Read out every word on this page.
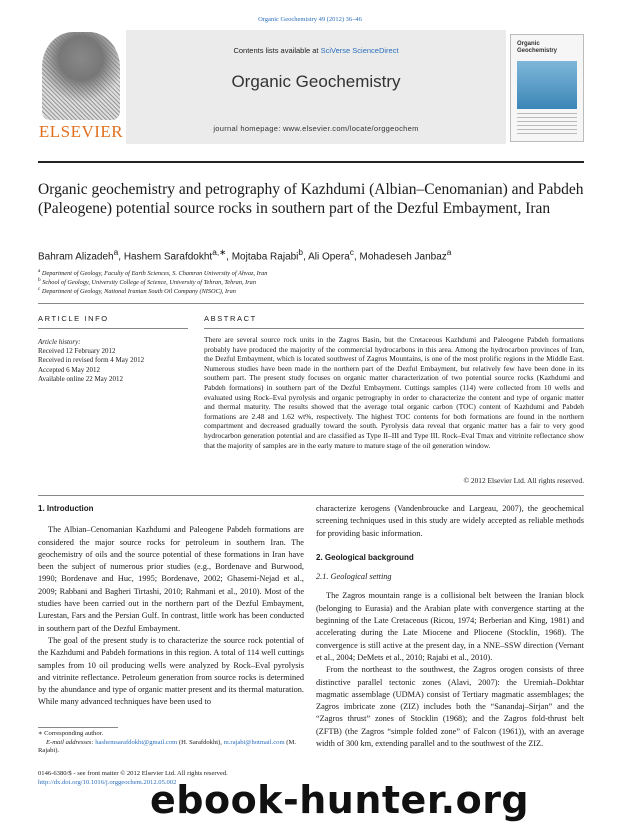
Organic Geochemistry 49 (2012) 36–46
ELSEVIER
Contents lists available at SciVerse ScienceDirect
Organic Geochemistry
journal homepage: www.elsevier.com/locate/orggeochem
Organic Geochemistry
Organic geochemistry and petrography of Kazhdumi (Albian–Cenomanian) and Pabdeh (Paleogene) potential source rocks in southern part of the Dezful Embayment, Iran
Bahram Alizadeh$^a$, Hashem Sarafdokht$^{a,∗}$, Mojtaba Rajabi$^b$, Ali Opera$^c$, Mohadeseh Janbaz$^a$
$^a$ Department of Geology, Faculty of Earth Sciences, S. Chamran University of Ahvaz, Iran
$^b$ School of Geology, University College of Science, University of Tehran, Tehran, Iran
$^c$ Department of Geology, National Iranian South Oil Company (NISOC), Iran
ARTICLE INFO	ABSTRACT
Article history:
Received 12 February 2012
Received in revised form 4 May 2012
Accepted 6 May 2012
Available online 22 May 2012
There are several source rock units in the Zagros Basin, but the Cretaceous Kazhdumi and Paleogene Pabdeh formations probably have produced the majority of the commercial hydrocarbons in this area. Among the hydrocarbon provinces of Iran, the Dezful Embayment, which is located southwest of Zagros Mountains, is one of the most prolific regions in the Middle East. Numerous studies have been made in the northern part of the Dezful Embayment, but relatively few have been done in its southern part. The present study focuses on organic matter characterization of two potential source rocks (Kazhdumi and Pabdeh formations) in southern part of the Dezful Embayment. Cuttings samples (114) were collected from 10 wells and evaluated using Rock–Eval pyrolysis and organic petrography in order to characterize the content and type of organic matter and thermal maturity. The results showed that the average total organic carbon (TOC) content of Kazhdumi and Pabdeh formations are 2.48 and 1.62 wt%, respectively. The highest TOC contents for both formations are found in the northern compartment and decreased gradually toward the south. Pyrolysis data reveal that organic matter has a fair to very good hydrocarbon generation potential and are classified as Type II–III and Type III. Rock–Eval Tmax and vitrinite reflectance show that the majority of samples are in the early mature to mature stage of the oil generation window.
© 2012 Elsevier Ltd. All rights reserved.
1. Introduction

The Albian–Cenomanian Kazhdumi and Paleogene Pabdeh formations are considered the major source rocks for petroleum in southern Iran. The geochemistry of oils and the source potential of these formations in Iran have been the subject of numerous prior studies (e.g., Bordenave and Burwood, 1990; Bordenave and Huc, 1995; Bordenave, 2002; Ghasemi-Nejad et al., 2009; Rabbani and Bagheri Tirtashi, 2010; Rahmani et al., 2010). Most of the studies have been carried out in the northern part of the Dezful Embayment, Lurestan, Fars and the Persian Gulf. In contrast, little work has been conducted in southern part of the Dezful Embayment.

The goal of the present study is to characterize the source rock potential of the Kazhdumi and Pabdeh formations in this region. A total of 114 well cuttings samples from 10 oil producing wells were analyzed by Rock–Eval pyrolysis and vitrinite reflectance. Petroleum generation from source rocks is determined by the abundance and type of organic matter present and its thermal maturation. While many advanced techniques have been used to

characterize kerogens (Vandenbroucke and Largeau, 2007), the geochemical screening techniques used in this study are widely accepted as reliable methods for providing basic information.

2. Geological background
2.1. Geological setting

The Zagros mountain range is a collisional belt between the Iranian block (belonging to Eurasia) and the Arabian plate with convergence starting at the beginning of the Late Cretaceous (Ricou, 1974; Berberian and King, 1981) and accelerating during the Late Miocene and Pliocene (Stocklin, 1968). The convergence is still active at the present day, in a NNE–SSW direction (Vernant et al., 2004; DeMets et al., 2010; Rajabi et al., 2010).

From the northeast to the southwest, the Zagros orogen consists of three distinctive parallel tectonic zones (Alavi, 2007): the Uremiah–Dokhtar magmatic assemblage (UDMA) consist of Tertiary magmatic assemblages; the Zagros imbricate zone (ZIZ) includes both the “Sanandaj–Sirjan” and the “Zagros thrust” zones of Stocklin (1968); and the Zagros fold-thrust belt (ZFTB) (the Zagros “simple folded zone” of Falcon (1961)), with an average width of 300 km, extending parallel and to the southwest of the ZIZ.

∗ Corresponding author.
E-mail addresses: hashemsarafdokht@gmail.com (H. Sarafdokht), m.rajabi@hotmail.com (M. Rajabi).
0146-6380/$ - see front matter © 2012 Elsevier Ltd. All rights reserved.
http://dx.doi.org/10.1016/j.orggeochem.2012.05.002
ebook-hunter.org
